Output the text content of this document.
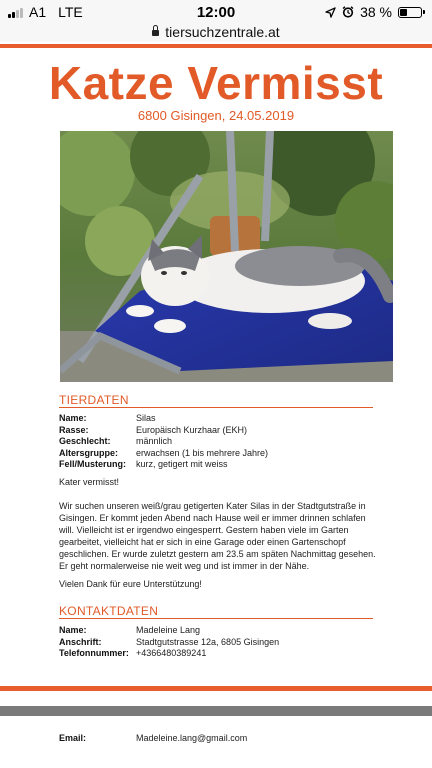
A1 LTE	12:00	38 %
tiersuchzentrale.at
Katze Vermisst
6800 Gisingen, 24.05.2019
TIERDATEN
Name:	Silas
Rasse:	Europäisch Kurzhaar (EKH)
Geschlecht:	männlich
Altersgruppe:	erwachsen (1 bis mehrere Jahre)
Fell/Musterung:	kurz, getigert mit weiss

Kater vermisst!

Wir suchen unseren weiß/grau getigerten Kater Silas in der Stadtgutstraße in Gisingen. Er kommt jeden Abend nach Hause weil er immer drinnen schlafen will. Vielleicht ist er irgendwo eingesperrt. Gestern haben viele im Garten gearbeitet, vielleicht hat er sich in eine Garage oder einen Gartenschopf geschlichen. Er wurde zuletzt gestern am 23.5 am späten Nachmittag gesehen. Er geht normalerweise nie weit weg und ist immer in der Nähe.

Vielen Dank für eure Unterstützung!

KONTAKTDATEN
Name:	Madeleine Lang
Anschrift:	Stadtgutstrasse 12a, 6805 Gisingen
Telefonnummer: +4366480389241
Email:	Madeleine.lang@gmail.com
